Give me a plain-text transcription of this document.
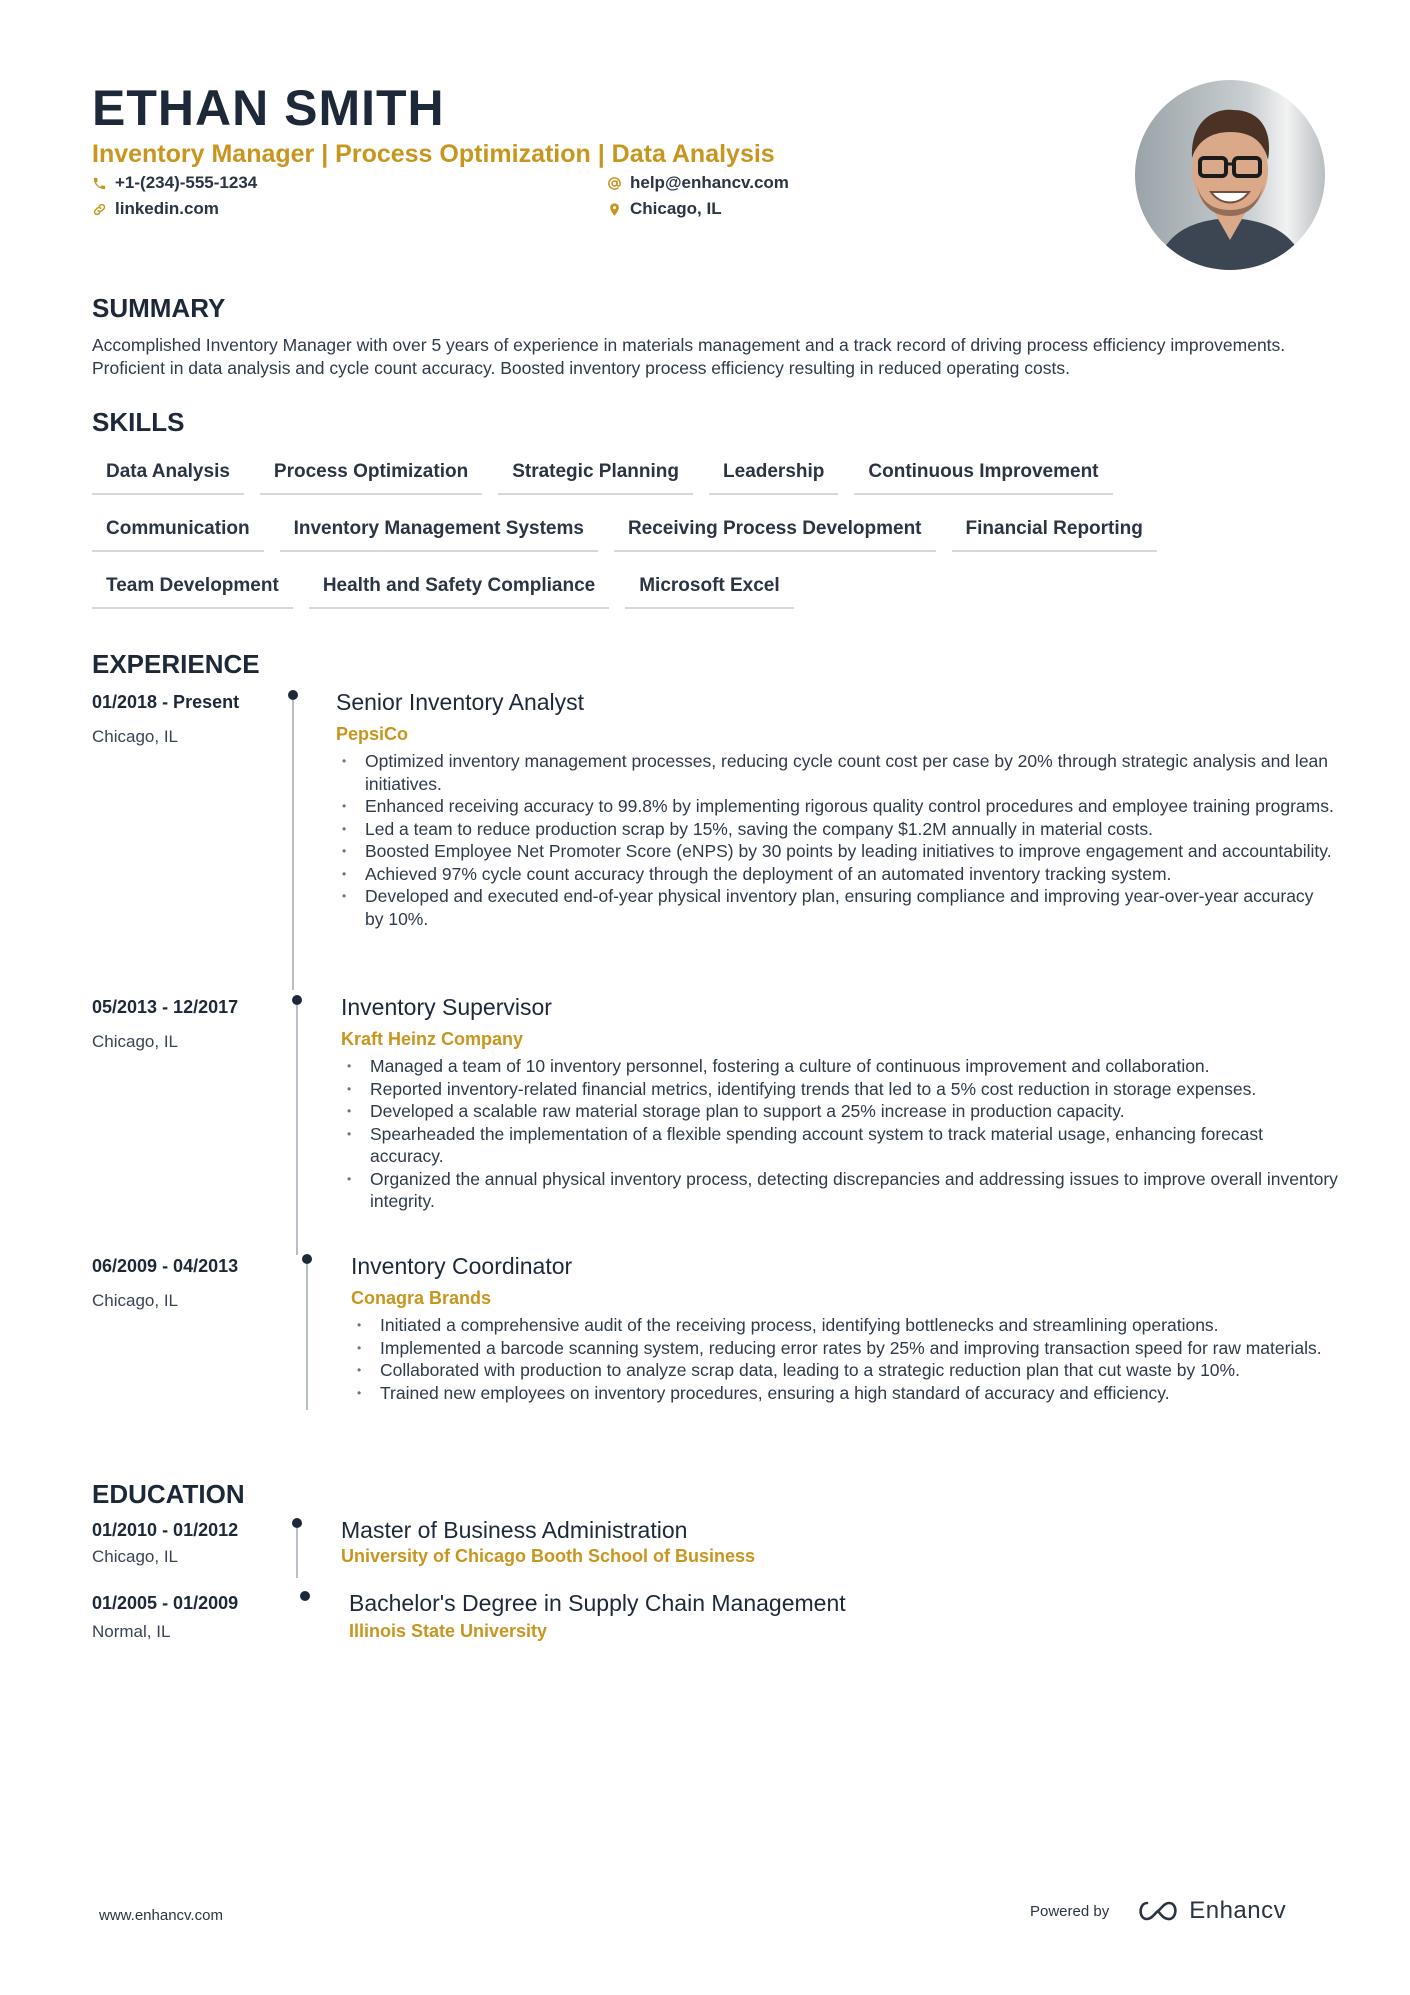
ETHAN SMITH
Inventory Manager | Process Optimization | Data Analysis
+1-(234)-555-1234	help@enhancv.com
linkedin.com	Chicago, IL
SUMMARY

Accomplished Inventory Manager with over 5 years of experience in materials management and a track record of driving process efficiency improvements. Proficient in data analysis and cycle count accuracy. Boosted inventory process efficiency resulting in reduced operating costs.

SKILLS
Data Analysis	Process Optimization	Strategic Planning	Leadership	Continuous Improvement
Communication	Inventory Management Systems	Receiving Process Development	Financial Reporting
Team Development	Health and Safety Compliance	Microsoft Excel
EXPERIENCE
01/2018 - Present
Chicago, IL
Senior Inventory Analyst
PepsiCo
• Optimized inventory management processes, reducing cycle count cost per case by 20% through strategic analysis and lean initiatives.
• Enhanced receiving accuracy to 99.8% by implementing rigorous quality control procedures and employee training programs.
• Led a team to reduce production scrap by 15%, saving the company $1.2M annually in material costs.
• Boosted Employee Net Promoter Score (eNPS) by 30 points by leading initiatives to improve engagement and accountability.
• Achieved 97% cycle count accuracy through the deployment of an automated inventory tracking system.
• Developed and executed end-of-year physical inventory plan, ensuring compliance and improving year-over-year accuracy by 10%.
05/2013 - 12/2017
Chicago, IL
Inventory Supervisor
Kraft Heinz Company
• Managed a team of 10 inventory personnel, fostering a culture of continuous improvement and collaboration.
• Reported inventory-related financial metrics, identifying trends that led to a 5% cost reduction in storage expenses.
• Developed a scalable raw material storage plan to support a 25% increase in production capacity.
• Spearheaded the implementation of a flexible spending account system to track material usage, enhancing forecast accuracy.
• Organized the annual physical inventory process, detecting discrepancies and addressing issues to improve overall inventory integrity.
06/2009 - 04/2013
Chicago, IL
Inventory Coordinator
Conagra Brands
• Initiated a comprehensive audit of the receiving process, identifying bottlenecks and streamlining operations.
• Implemented a barcode scanning system, reducing error rates by 25% and improving transaction speed for raw materials.
• Collaborated with production to analyze scrap data, leading to a strategic reduction plan that cut waste by 10%.
• Trained new employees on inventory procedures, ensuring a high standard of accuracy and efficiency.
EDUCATION
01/2010 - 01/2012
Chicago, IL
Master of Business Administration
University of Chicago Booth School of Business
01/2005 - 01/2009
Normal, IL
Bachelor's Degree in Supply Chain Management
Illinois State University
www.enhancv.com	Powered by	Enhancv
